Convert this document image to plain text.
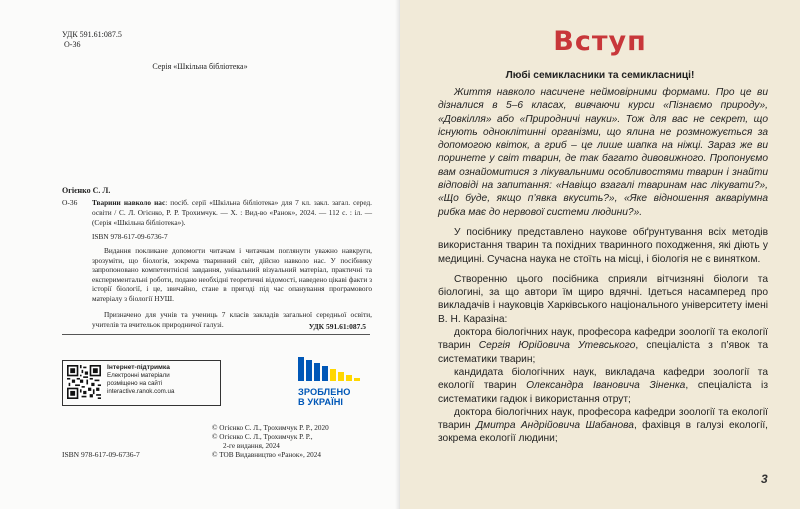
УДК 591.61:087.5
О-36
Серія «Шкільна бібліотека»
Огієнко С. Л.
О-36 Тварини навколо нас: посіб. серії «Шкільна бібліотека» для 7 кл. закл. загал. серед. освіти / С. Л. Огієнко, Р. Р. Трохимчук. — Х. : Вид-во «Ранок», 2024. — 112 с. : іл. — (Серія «Шкільна бібліотека»).
ISBN 978-617-09-6736-7
Видання покликане допомогти читачам і читачкам поглянути уважно навкруги, зрозуміти, що біологія, зокрема тваринний світ, дійсно навколо нас. У посібнику запропоновано компетентнісні завдання, унікальний візуальний матеріал, практичні та експериментальні роботи, подано необхідні теоретичні відомості, наведено цікаві факти з історії біології, і це, звичайно, стане в пригоді під час опанування програмового матеріалу з біології НУШ.
Призначено для учнів та учениць 7 класів закладів загальної середньої освіти, учителів та вчительок природничої галузі.	УДК 591.61:087.5
Інтернет-підтримка
Електронні матеріали
розміщено на сайті
interactive.ranok.com.ua	ЗРОБЛЕНО
В УКРАЇНІ
ISBN 978-617-09-6736-7
© Огієнко С. Л., Трохимчук Р. Р., 2020
© Огієнко С. Л., Трохимчук Р. Р.,
2-ге видання, 2024
© ТОВ Видавництво «Ранок», 2024
Вступ
Любі семикласники та семикласниці!

Життя навколо насичене неймовірними формами. Про це ви дізналися в 5–6 класах, вивчаючи курси «Пізнаємо природу», «Довкілля» або «Природничі науки». Тож для вас не секрет, що існують одноклітинні організми, що ялина не розмножується за допомогою квіток, а гриб – це лише шапка на ніжці. Зараз же ви поринете у світ тварин, де так багато дивовижного. Пропонуємо вам ознайомитися з лікувальними особливостями тварин і знайти відповіді на запитання: «Навіщо взагалі тваринам нас лікувати?», «Що буде, якщо п’явка вкусить?», «Яке відношення акваріумна рибка має до нервової системи людини?».

У посібнику представлено наукове обґрунтування всіх методів використання тварин та похідних тваринного походження, які діють у медицині. Сучасна наука не стоїть на місці, і біологія не є винятком.

Створенню цього посібника сприяли вітчизняні біологи та біологині, за що автори їм щиро вдячні. Ідеться насамперед про викладачів і науковців Харківського національного університету імені В. Н. Каразіна:

доктора біологічних наук, професора кафедри зоології та екології тварин Сергія Юрійовича Утевського, спеціаліста з п’явок та систематики тварин;

кандидата біологічних наук, викладача кафедри зоології та екології тварин Олександра Івановича Зіненка, спеціаліста із систематики гадюк і використання отрут;

доктора біологічних наук, професора кафедри зоології та екології тварин Дмитра Андрійовича Шабанова, фахівця в галузі екології, зокрема екології людини;

3
